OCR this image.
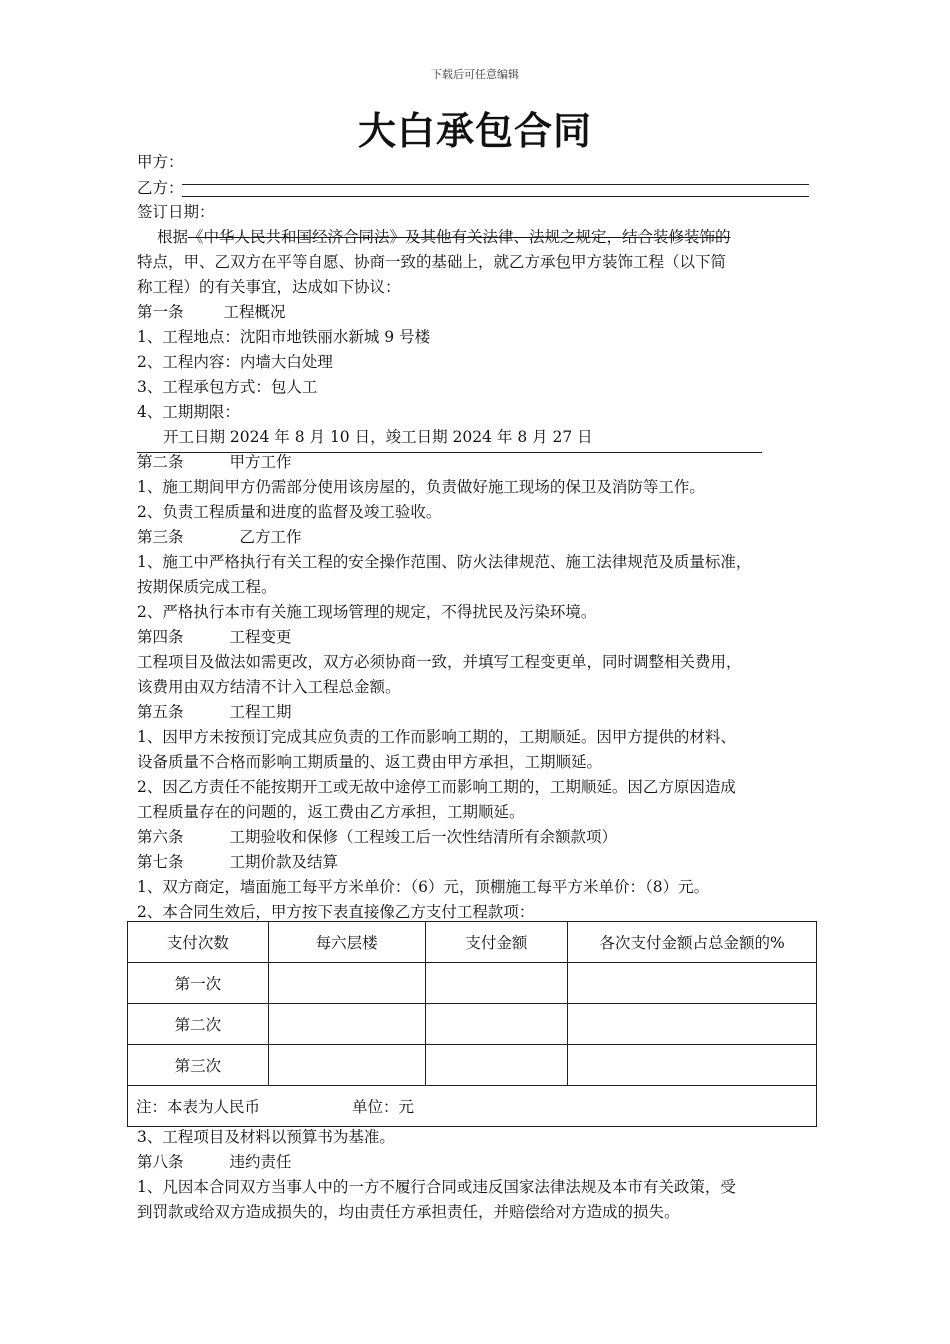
下载后可任意编辑
大白承包合同
甲方：
乙方：
签订日期：
根据《中华人民共和国经济合同法》及其他有关法律、法规之规定，结合装修装饰的
特点，甲、乙双方在平等自愿、协商一致的基础上，就乙方承包甲方装饰工程（以下简
称工程）的有关事宜，达成如下协议：
第一条	工程概况
1、工程地点：沈阳市地铁丽水新城 9 号楼
2、工程内容：内墙大白处理
3、工程承包方式：包人工
4、工期期限：
开工日期 2024 年 8 月 10 日，竣工日期 2024 年 8 月 27 日
第二条	甲方工作
1、施工期间甲方仍需部分使用该房屋的，负责做好施工现场的保卫及消防等工作。
2、负责工程质量和进度的监督及竣工验收。
第三条	乙方工作
1、施工中严格执行有关工程的安全操作范围、防火法律规范、施工法律规范及质量标准，
按期保质完成工程。
2、严格执行本市有关施工现场管理的规定，不得扰民及污染环境。
第四条	工程变更
工程项目及做法如需更改，双方必须协商一致，并填写工程变更单，同时调整相关费用，
该费用由双方结清不计入工程总金额。
第五条	工程工期
1、因甲方未按预订完成其应负责的工作而影响工期的，工期顺延。因甲方提供的材料、
设备质量不合格而影响工期质量的、返工费由甲方承担，工期顺延。
2、因乙方责任不能按期开工或无故中途停工而影响工期的，工期顺延。因乙方原因造成
工程质量存在的问题的，返工费由乙方承担，工期顺延。
第六条	工期验收和保修（工程竣工后一次性结清所有余额款项）
第七条	工期价款及结算
1、双方商定，墙面施工每平方米单价：（6）元，顶棚施工每平方米单价：（8）元。
2、本合同生效后，甲方按下表直接像乙方支付工程款项：
支付次数	每六层楼	支付金额	各次支付金额占总金额的%
第一次			
第二次			
第三次			
注：本表为人民币 单位：元			
3、工程项目及材料以预算书为基准。
第八条	违约责任
1、凡因本合同双方当事人中的一方不履行合同或违反国家法律法规及本市有关政策，受
到罚款或给双方造成损失的，均由责任方承担责任，并赔偿给对方造成的损失。
